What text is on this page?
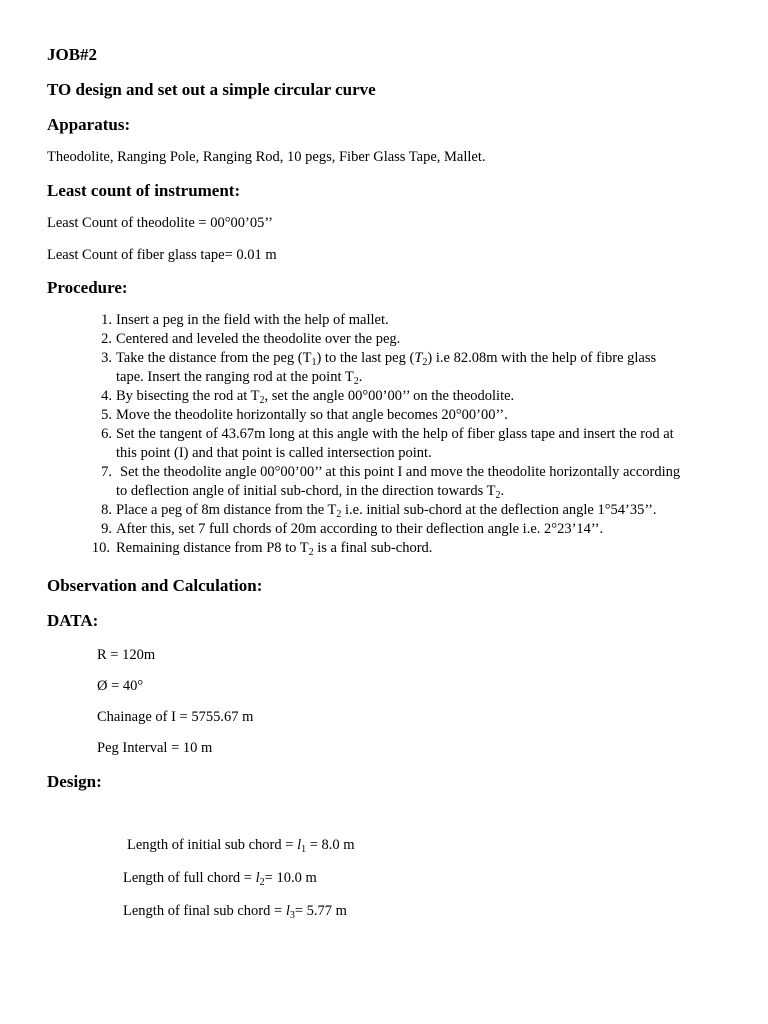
JOB#2
TO design and set out a simple circular curve
Apparatus:
Theodolite, Ranging Pole, Ranging Rod, 10 pegs, Fiber Glass Tape, Mallet.
Least count of instrument:
Least Count of theodolite = 00°00’05’’
Least Count of fiber glass tape= 0.01 m
Procedure:
1. Insert a peg in the field with the help of mallet.
2. Centered and leveled the theodolite over the peg.
3. Take the distance from the peg $(T_1)$ to the last peg $(T_2)$ i.e 82.08m with the help of fibre glass
tape. Insert the ranging rod at the point $T_2$.
4. By bisecting the rod at $T_2$, set the angle 00°00’00’’ on the theodolite.
5. Move the theodolite horizontally so that angle becomes 20°00’00’’.
6. Set the tangent of 43.67m long at this angle with the help of fiber glass tape and insert the rod at
this point (I) and that point is called intersection point.
7. Set the theodolite angle 00°00’00’’ at this point I and move the theodolite horizontally according
to deflection angle of initial sub-chord, in the direction towards $T_2$.
8. Place a peg of 8m distance from the $T_2$ i.e. initial sub-chord at the deflection angle 1°54’35’’.
9. After this, set 7 full chords of 20m according to their deflection angle i.e. 2°23’14’’.
10. Remaining distance from P8 to $T_2$ is a final sub-chord.
Observation and Calculation:
DATA:
R = 120m
Ø = 40°
Chainage of I = 5755.67 m
Peg Interval = 10 m
Design:
Length of initial sub chord = $l_1 = 8.0$ m
Length of full chord = $l_2= 10.0$ m
Length of final sub chord = $l_3= 5.77$ m
